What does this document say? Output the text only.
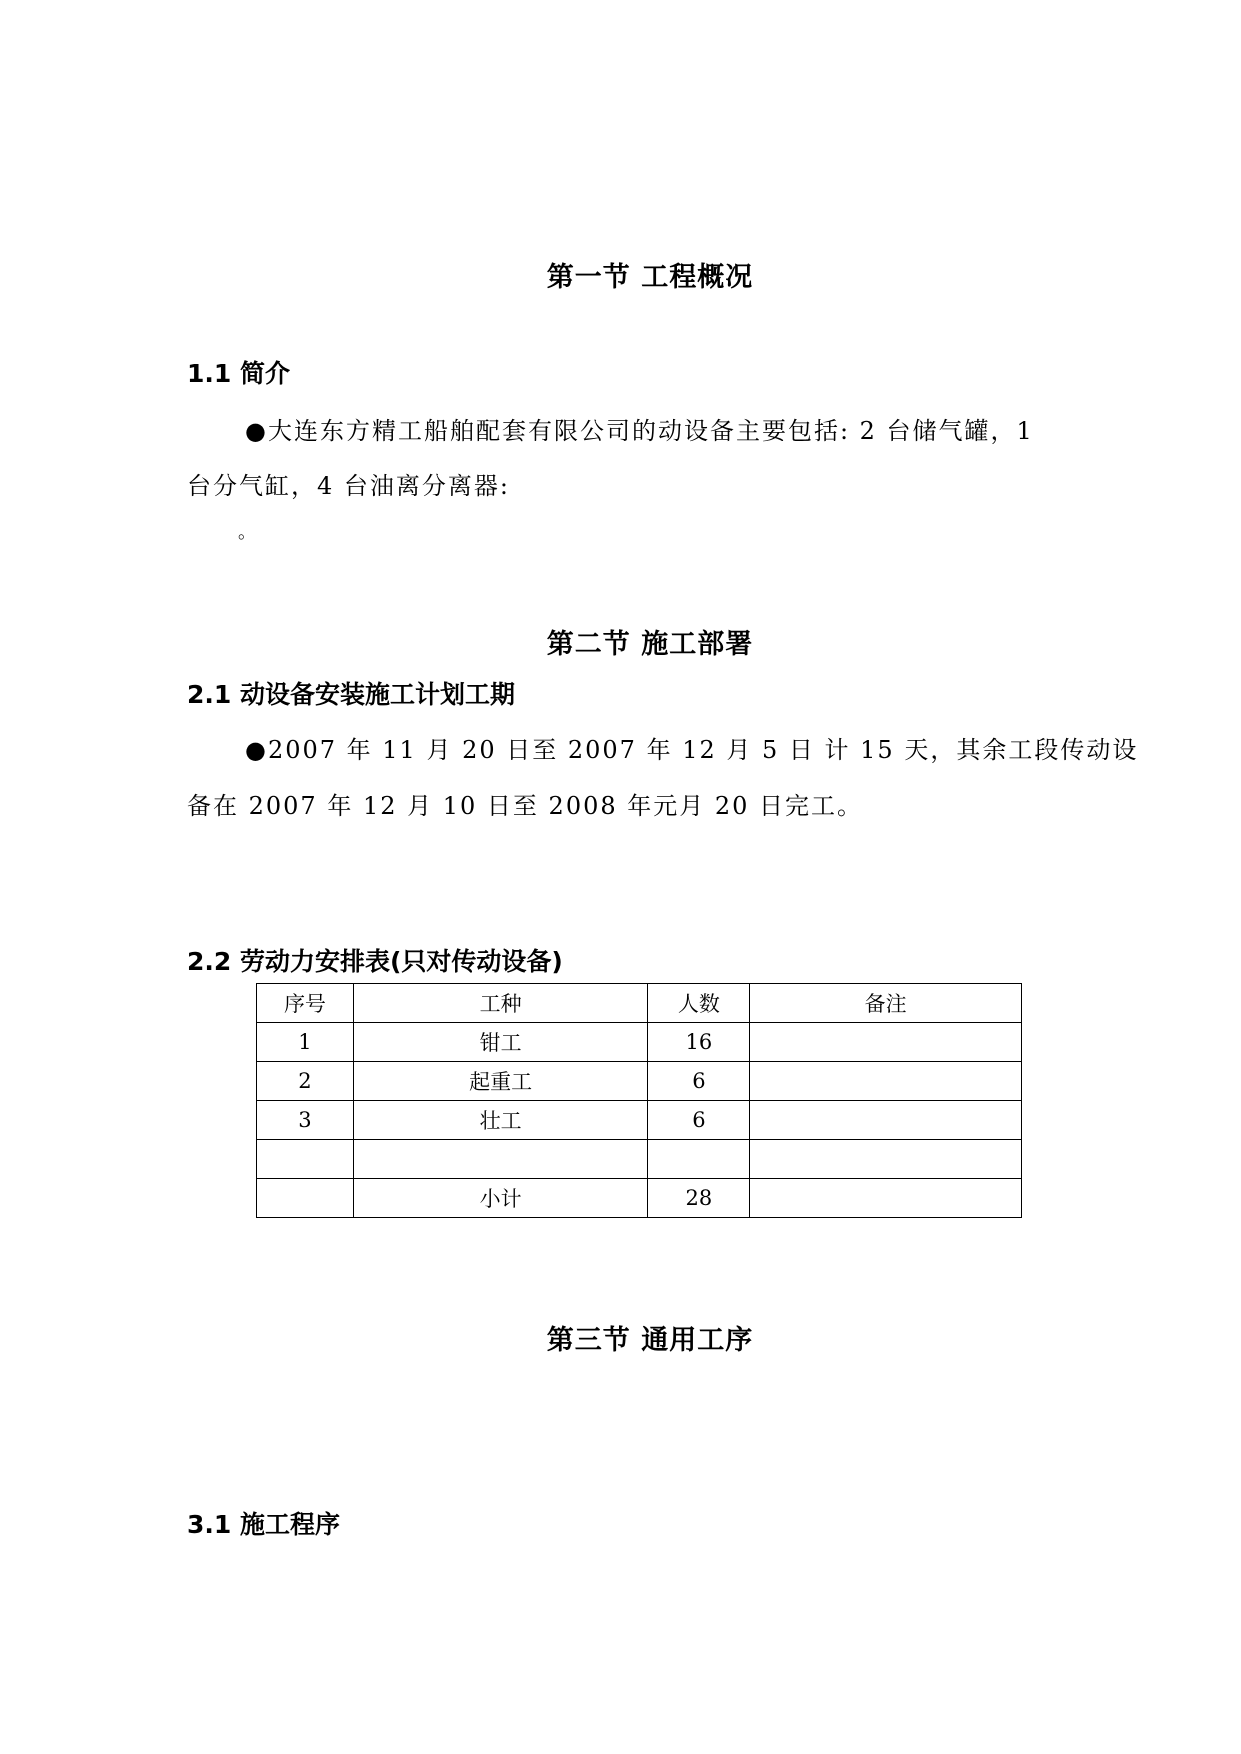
第一节 工程概况
1.1 简介
●大连东方精工船舶配套有限公司的动设备主要包括: 2 台储气罐，1
台分气缸，4 台油离分离器:
。
第二节 施工部署
2.1 动设备安装施工计划工期
●2007 年 11 月 20 日至 2007 年 12 月 5 日 计 15 天，其余工段传动设
备在 2007 年 12 月 10 日至 2008 年元月 20 日完工。
2.2 劳动力安排表(只对传动设备)
序号	工种	人数	备注
1	钳工	16	
2	起重工	6	
3	壮工	6	

	小计	28	
第三节 通用工序
3.1 施工程序
